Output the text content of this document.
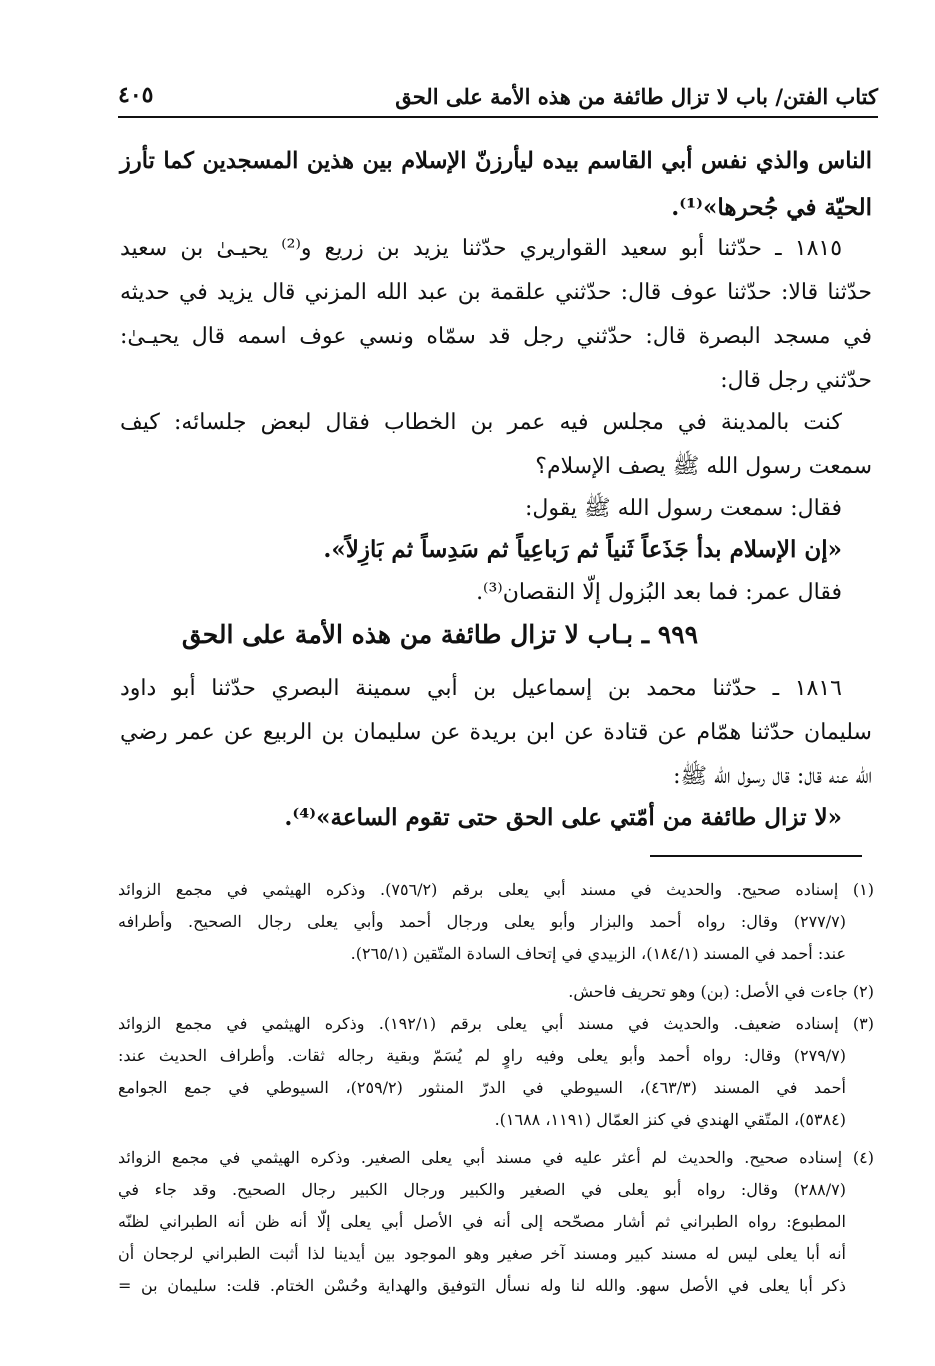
كتاب الفتن/ باب لا تزال طائفة من هذه الأمة على الحق
٤٠٥
الناس والذي نفس أبي القاسم بيده ليأرزنّ الإسلام بين هذين المسجدين كما تأرز
الحيّة في جُحرها»⁽¹⁾.
١٨١٥ ـ حدّثنا أبو سعيد القواريري حدّثنا يزيد بن زريع و⁽²⁾ يحيـىٰ بن سعيد
حدّثنا قالا: حدّثنا عوف قال: حدّثني علقمة بن عبد الله المزني قال يزيد في حديثه
في مسجد البصرة قال: حدّثني رجل قد سمّاه ونسي عوف اسمه قال يحيـىٰ:
حدّثني رجل قال:
كنت بالمدينة في مجلس فيه عمر بن الخطاب فقال لبعض جلسائه: كيف
سمعت رسول الله ﷺ يصف الإسلام؟
فقال: سمعت رسول الله ﷺ يقول:
«إن الإسلام بدأ جَذَعاً ثَنياً ثم رَباعِياً ثم سَدِساً ثم بَازِلاً».
فقال عمر: فما بعد البُزول إلّا النقصان⁽³⁾.
٩٩٩ ـ بـاب لا تزال طائفة من هذه الأمة على الحق
١٨١٦ ـ حدّثنا محمد بن إسماعيل بن أبي سمينة البصري حدّثنا أبو داود
سليمان حدّثنا همّام عن قتادة عن ابن بريدة عن سليمان بن الربيع عن عمر رضي
الله عنه قال: قال رسول الله ﷺ:
«لا تزال طائفة من أمّتي على الحق حتى تقوم الساعة»⁽⁴⁾.
(١) إسناده صحيح. والحديث في مسند أبي يعلى برقم (٧٥٦/٢). وذكره الهيثمي في مجمع الزوائد
(٢٧٧/٧) وقال: رواه أحمد والبزار وأبو يعلى ورجال أحمد وأبي يعلى رجال الصحيح. وأطرافه
عند: أحمد في المسند (١٨٤/١)، الزبيدي في إتحاف السادة المتّقين (٢٦٥/١).
(٢) جاءت في الأصل: (بن) وهو تحريف فاحش.
(٣) إسناده ضعيف. والحديث في مسند أبي يعلى برقم (١٩٢/١). وذكره الهيثمي في مجمع الزوائد
(٢٧٩/٧) وقال: رواه أحمد وأبو يعلى وفيه راوٍ لم يُسَمّ وبقية رجاله ثقات. وأطراف الحديث عند:
أحمد في المسند (٤٦٣/٣)، السيوطي في الدرّ المنثور (٢٥٩/٢)، السيوطي في جمع الجوامع
(٥٣٨٤)، المتّقي الهندي في كنز العمّال (١١٩١، ١٦٨٨).
(٤) إسناده صحيح. والحديث لم أعثر عليه في مسند أبي يعلى الصغير. وذكره الهيثمي في مجمع الزوائد
(٢٨٨/٧) وقال: رواه أبو يعلى في الصغير والكبير ورجال الكبير رجال الصحيح. وقد جاء في
المطبوع: رواه الطبراني ثم أشار مصحّحه إلى أنه في الأصل أبي يعلى إلّا أنه ظن أنه الطبراني لظنّه
أنه أبا يعلى ليس له مسند كبير ومسند آخر صغير وهو الموجود بين أيدينا لذا أثبت الطبراني لرجحان أن
ذكر أبا يعلى في الأصل سهو. والله لنا وله نسأل التوفيق والهداية وحُسْن الختام. قلت: سليمان بن =
